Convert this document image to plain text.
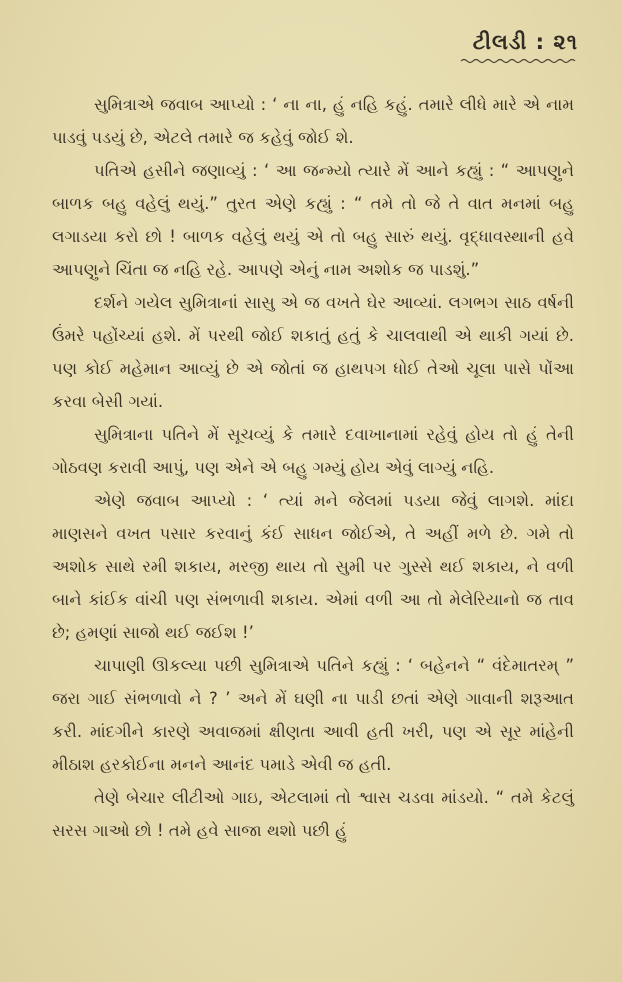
ટીલડી : ૨૧

સુમિત્રાએ જવાબ આપ્યો : ‘ ના ના, હું નહિ કહું. તમારે લીધે મારે એ નામ પાડવું પડયું છે, એટલે તમારે જ કહેવું જોઈ શે.

પતિએ હસીને જણાવ્યું : ‘ આ જન્મ્યો ત્યારે મેં આને કહ્યું : “ આપણુને બાળક બહુ વહેલું થયું.” તુરત એણે કહ્યું : “ તમે તો જે તે વાત મનમાં બહુ લગાડયા કરો છો ! બાળક વહેલું થયું એ તો બહુ સારું થયું. વૃદ્ધાવસ્થાની હવે આપણુને ચિંતા જ નહિ રહે. આપણે એનું નામ અશોક જ પાડશું.”

દર્શને ગયેલ સુમિત્રાનાં સાસુ એ જ વખતે ઘેર આવ્યાં. લગભગ સાઠ વર્ષની ઉંમરે પહોંચ્યાં હશે. મેં પરથી જોઈ શકાતું હતું કે ચાલવાથી એ થાકી ગયાં છે. પણ કોઈ મહેમાન આવ્યું છે એ જોતાં જ હાથપગ ધોઈ તેઓ ચૂલા પાસે પોંઆ કરવા બેસી ગયાં.

સુમિત્રાના પતિને મેં સૂચવ્યું કે તમારે દવાખાનામાં રહેવું હોય તો હું તેની ગોઠવણ કરાવી આપું, પણ એને એ બહુ ગમ્યું હોય એવું લાગ્યું નહિ.

એણે જવાબ આપ્યો : ‘ ત્યાં મને જેલમાં પડયા જેવું લાગશે. માંદા માણસને વખત પસાર કરવાનું કંઈ સાધન જોઈએ, તે અહીં મળે છે. ગમે તો અશોક સાથે રમી શકાય, મરજી થાય તો સુમી પર ગુસ્સે થઈ શકાય, ને વળી બાને કાંઈક વાંચી પણ સંભળાવી શકાય. એમાં વળી આ તો મેલેરિયાનો જ તાવ છે; હમણાં સાજો થઈ જઈશ !’

ચાપાણી ઊકલ્યા પછી સુમિત્રાએ પતિને કહ્યું : ‘ બહેનને “ વંદેમાતરમ્ ” જરા ગાઈ સંભળાવો ને ? ’ અને મેં ઘણી ના પાડી છતાં એણે ગાવાની શરૂઆત કરી. માંદગીને કારણે અવાજમાં ક્ષીણતા આવી હતી ખરી, પણ એ સૂર માંહેની મીઠાશ હરકોઈના મનને આનંદ પમાડે એવી જ હતી.

તેણે બેચાર લીટીઓ ગાઇ, એટલામાં તો શ્વાસ ચડવા માંડયો. “ તમે કેટલું સરસ ગાઓ છો ! તમે હવે સાજા થશો પછી હું
